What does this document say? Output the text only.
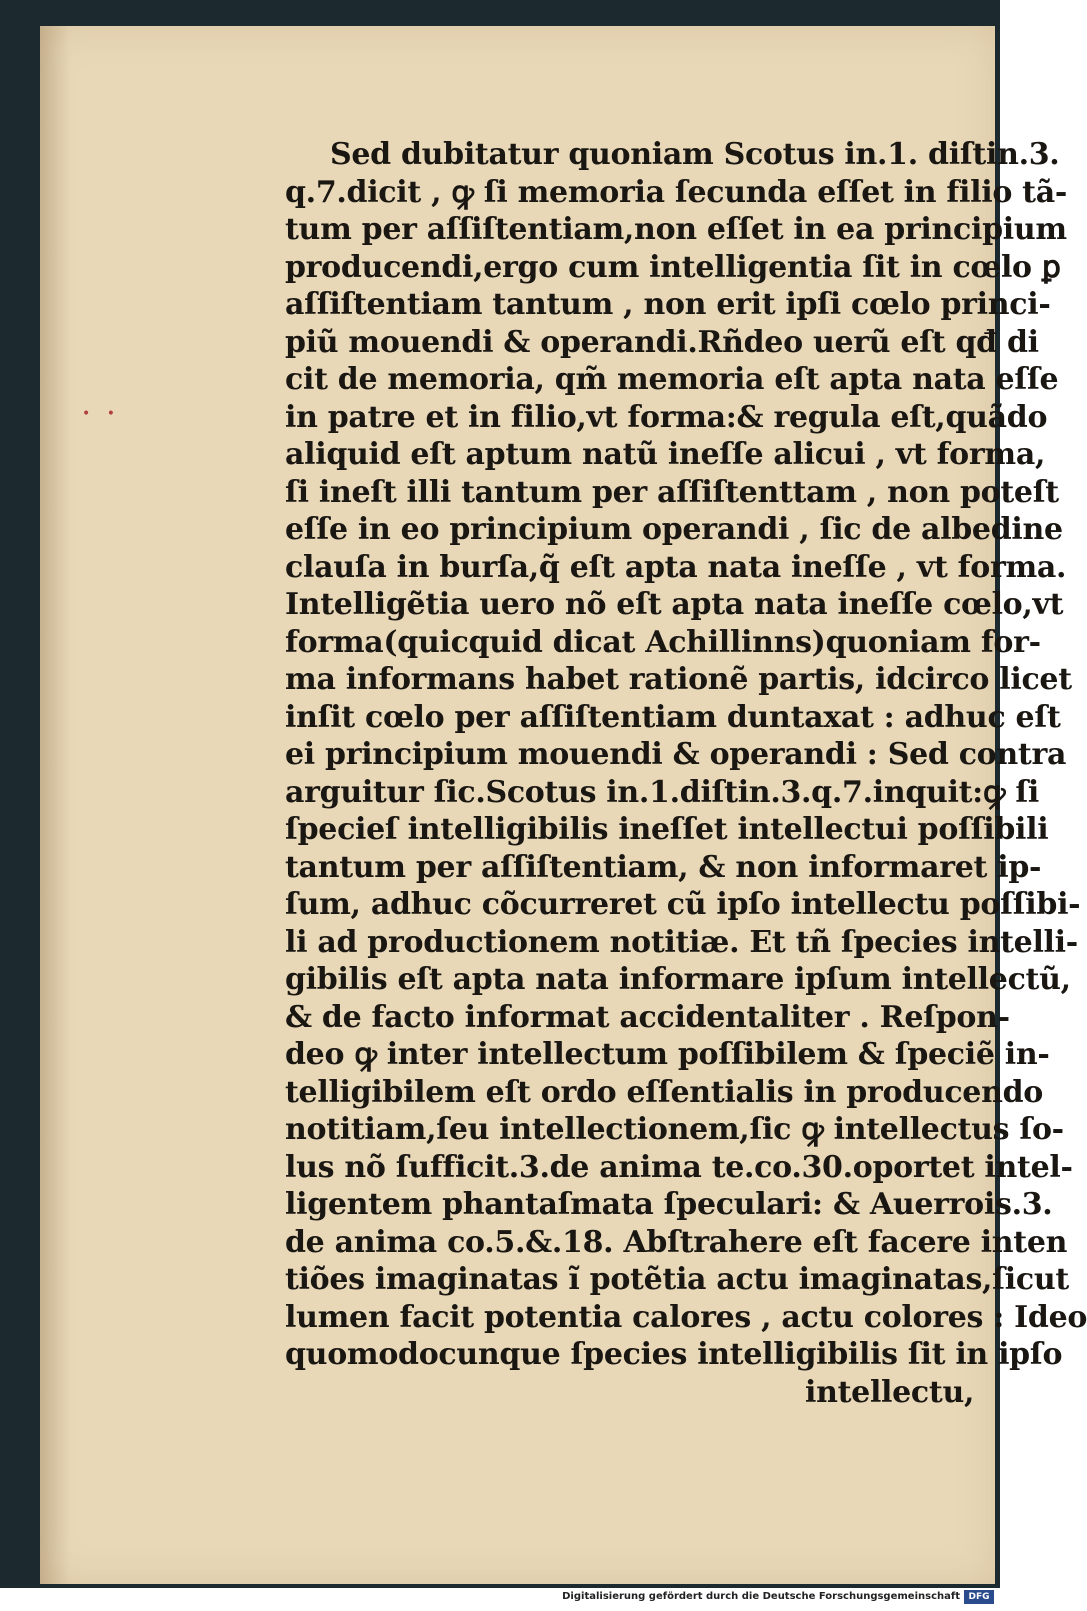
• •
Sed dubitatur quoniam Scotus in.1. diſtin.3.
q.7.dicit , ꝙ ſi memoria ſecunda eſſet in filio tã-
tum per aſſiſtentiam,non eſſet in ea principium
producendi,ergo cum intelligentia ſit in cœlo ꝑ
aſſiſtentiam tantum , non erit ipſi cœlo princi-
piũ mouendi & operandi.Rñdeo uerũ eſt qđ di
cit de memoria, qm̃ memoria eſt apta nata eſſe
in patre et in filio,vt forma:& regula eſt,quãdo
aliquid eſt aptum natũ ineſſe alicui , vt forma,
ſi ineſt illi tantum per aſſiſtenttam , non poteſt
eſſe in eo principium operandi , ſic de albedine
clauſa in burſa,q̃ eſt apta nata ineſſe , vt forma.
Intelligẽtia uero nõ eſt apta nata ineſſe cœlo,vt
forma(quicquid dicat Achillinns)quoniam for-
ma informans habet rationẽ partis, idcirco licet
inſit cœlo per aſſiſtentiam duntaxat : adhuc eſt
ei principium mouendi & operandi : Sed contra
arguitur ſic.Scotus in.1.diſtin.3.q.7.inquit:ꝙ ſi
ſpecieſ intelligibilis ineſſet intellectui poſſibili
tantum per aſſiſtentiam, & non informaret ip-
ſum, adhuc cõcurreret cũ ipſo intellectu poſſibi-
li ad productionem notitiæ. Et tñ ſpecies intelli-
gibilis eſt apta nata informare ipſum intellectũ,
& de facto informat accidentaliter . Reſpon-
deo ꝙ inter intellectum poſſibilem & ſpeciẽ in-
telligibilem eſt ordo eſſentialis in producendo
notitiam,ſeu intellectionem,ſic ꝙ intellectus ſo-
lus nõ ſufficit.3.de anima te.co.30.oportet intel-
ligentem phantaſmata ſpeculari: & Auerrois.3.
de anima co.5.&.18. Abſtrahere eſt facere inten
tiões imaginatas ĩ potẽtia actu imaginatas,ſicut
lumen facit potentia calores , actu colores : Ideo
quomodocunque ſpecies intelligibilis ſit in ipſo
intellectu,
Digitalisierung gefördert durch die Deutsche Forschungsgemeinschaft DFG
